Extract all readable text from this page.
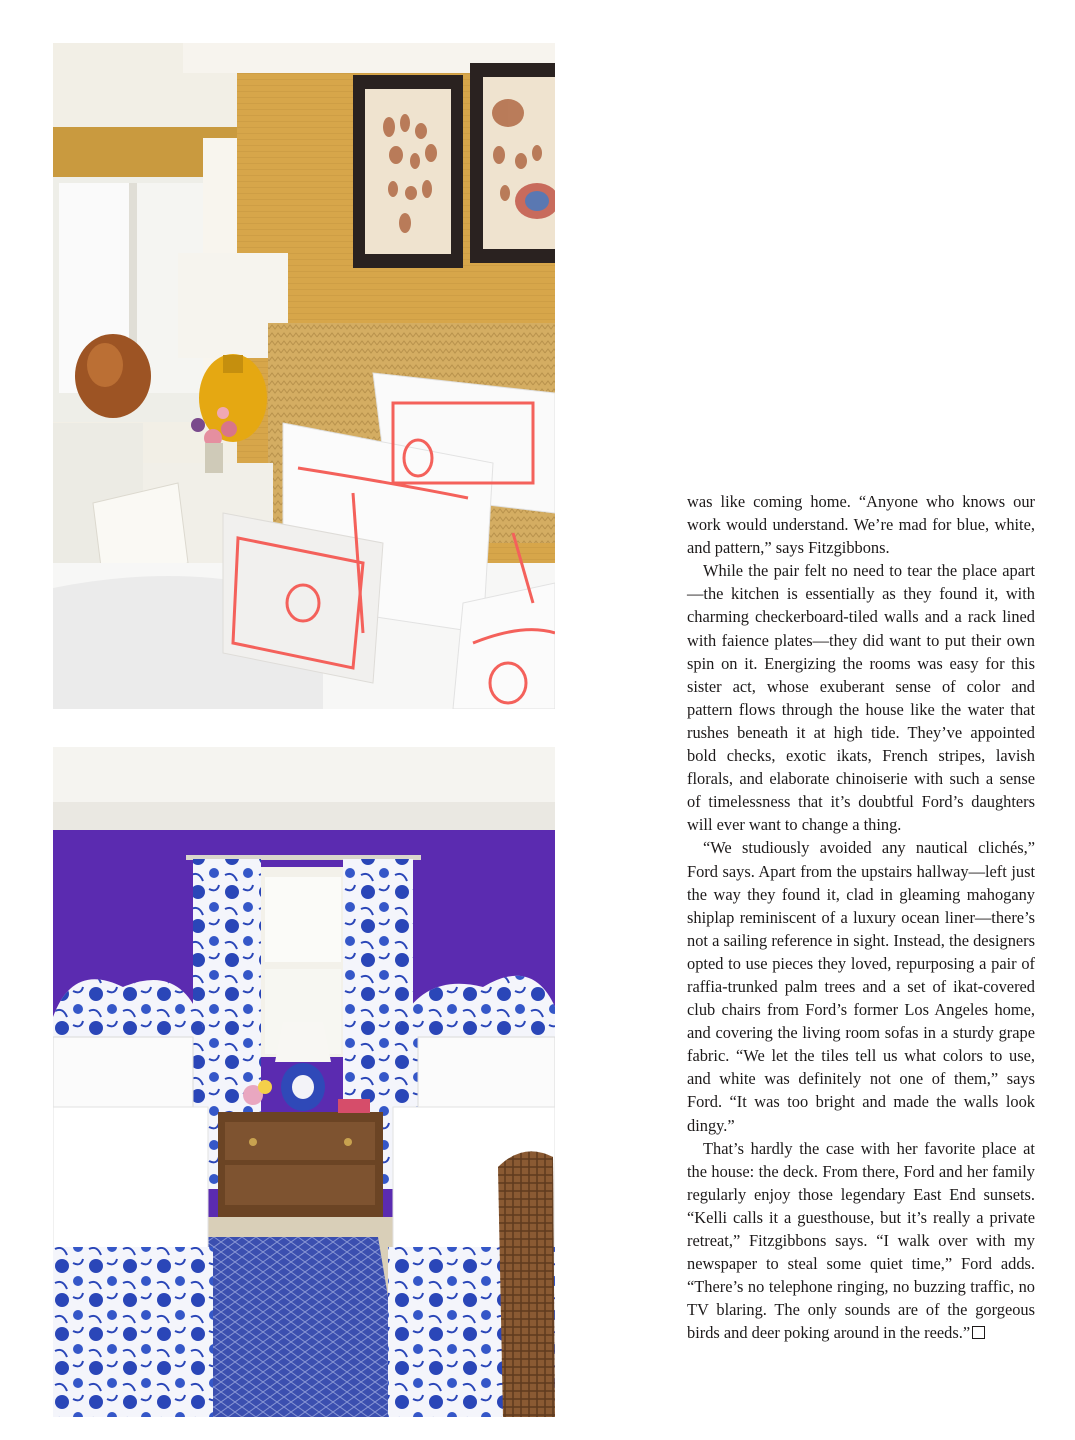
was like coming home. “Anyone who knows our work would understand. We’re mad for blue, white, and pattern,” says Fitzgibbons.

While the pair felt no need to tear the place apart—the kitchen is essentially as they found it, with charming checkerboard-tiled walls and a rack lined with faience plates—they did want to put their own spin on it. Energizing the rooms was easy for this sister act, whose exuberant sense of color and pattern flows through the house like the water that rushes beneath it at high tide. They’ve appointed bold checks, exotic ikats, French stripes, lavish florals, and elaborate chinoiserie with such a sense of timelessness that it’s doubtful Ford’s daughters will ever want to change a thing.

“We studiously avoided any nautical clichés,” Ford says. Apart from the upstairs hallway—left just the way they found it, clad in gleaming mahogany shiplap reminiscent of a luxury ocean liner—there’s not a sailing reference in sight. Instead, the designers opted to use pieces they loved, repurposing a pair of raffia-trunked palm trees and a set of ikat-covered club chairs from Ford’s former Los Angeles home, and covering the living room sofas in a sturdy grape fabric. “We let the tiles tell us what colors to use, and white was definitely not one of them,” says Ford. “It was too bright and made the walls look dingy.”

That’s hardly the case with her favorite place at the house: the deck. From there, Ford and her family regularly enjoy those legendary East End sunsets. “Kelli calls it a guesthouse, but it’s really a private retreat,” Fitzgibbons says. “I walk over with my newspaper to steal some quiet time,” Ford adds. “There’s no telephone ringing, no buzzing traffic, no TV blaring. The only sounds are of the gorgeous birds and deer poking around in the reeds.”
